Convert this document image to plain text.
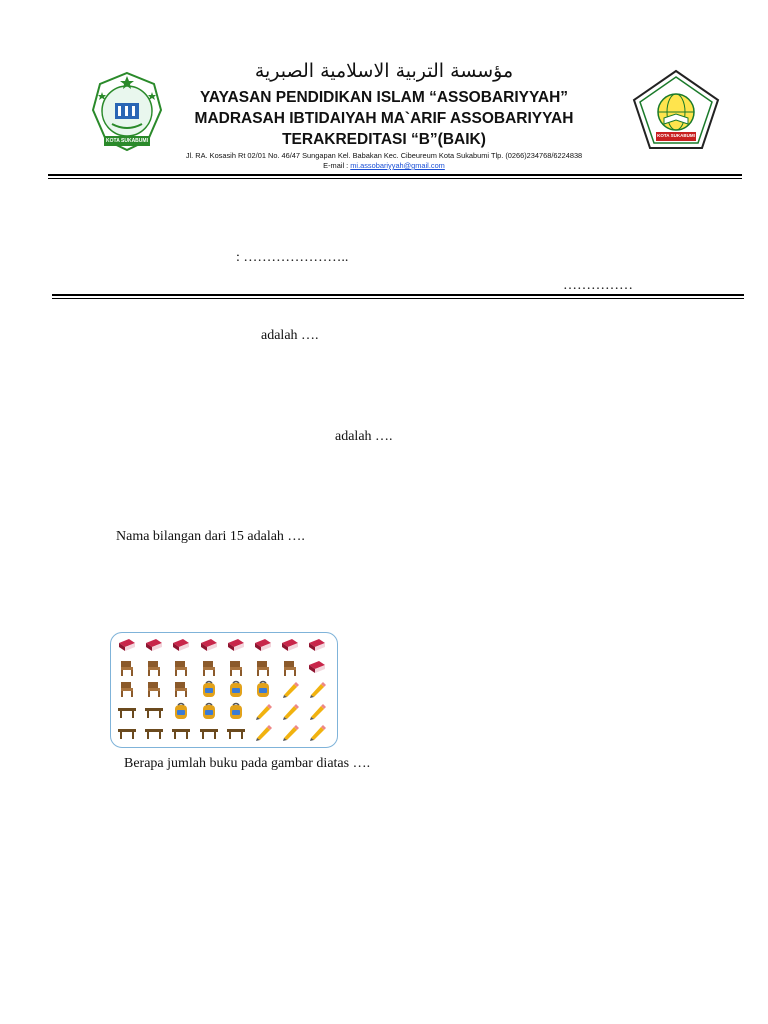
KOTA SUKABUMI
KOTA SUKABUMI
مؤسسة التربية الاسلامية الصبرية
YAYASAN PENDIDIKAN ISLAM “ASSOBARIYYAH”
MADRASAH IBTIDAIYAH MA`ARIF ASSOBARIYYAH
TERAKREDITASI “B”(BAIK)
Jl. RA. Kosasih Rt 02/01 No. 46/47 Sungapan Kel. Babakan Kec. Cibeureum Kota Sukabumi Tlp. (0266)234768/6224838
E-mail : mi.assobariyyah@gmail.com
: …………………..
……………
adalah ….
adalah ….
Nama bilangan dari 15 adalah ….
Berapa jumlah buku pada gambar diatas ….
